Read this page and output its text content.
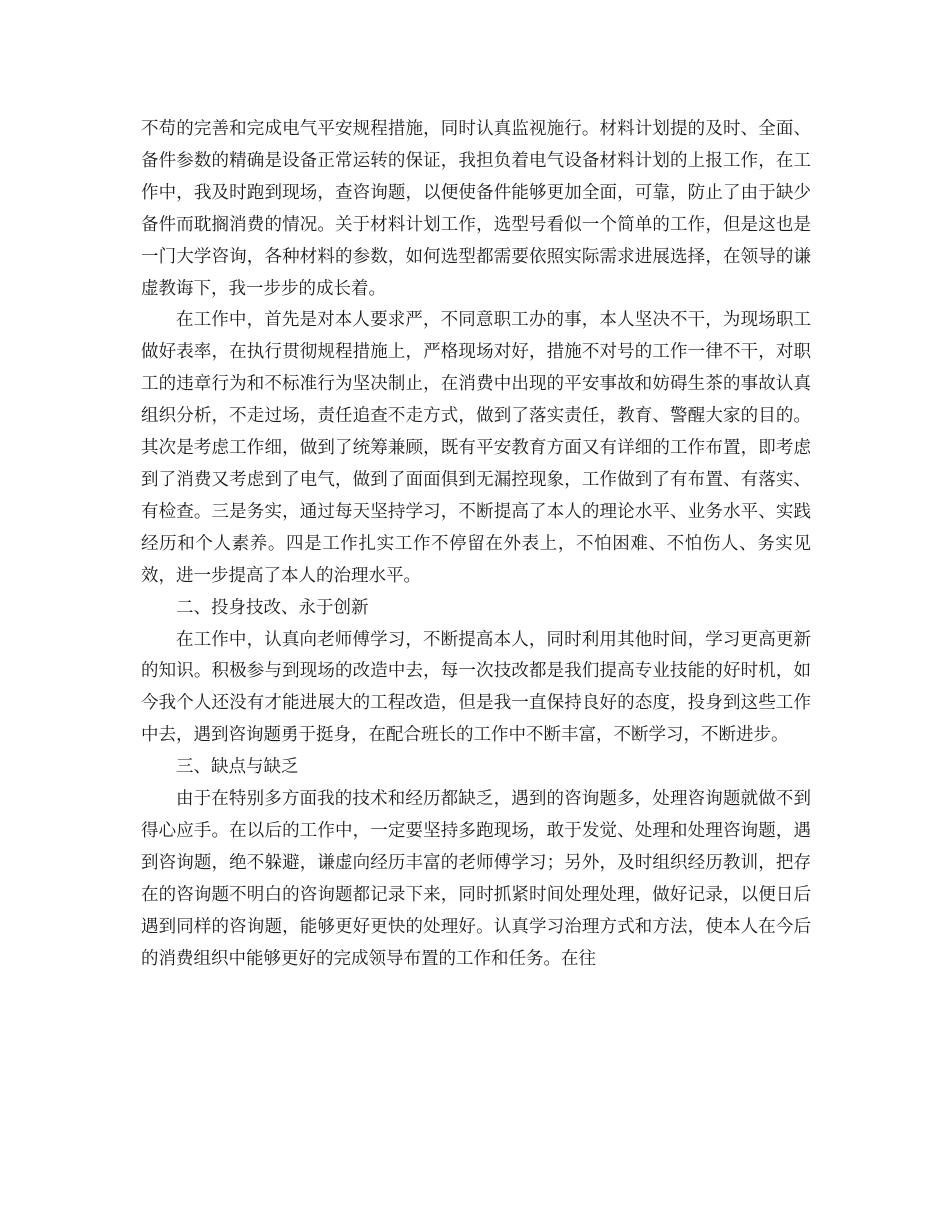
不苟的完善和完成电气平安规程措施，同时认真监视施行。材料计划提的及时、全面、备件参数的精确是设备正常运转的保证，我担负着电气设备材料计划的上报工作，在工作中，我及时跑到现场，查咨询题，以便使备件能够更加全面，可靠，防止了由于缺少备件而耽搁消费的情况。关于材料计划工作，选型号看似一个简单的工作，但是这也是一门大学咨询，各种材料的参数，如何选型都需要依照实际需求进展选择，在领导的谦虚教诲下，我一步步的成长着。

在工作中，首先是对本人要求严，不同意职工办的事，本人坚决不干，为现场职工做好表率，在执行贯彻规程措施上，严格现场对好，措施不对号的工作一律不干，对职工的违章行为和不标准行为坚决制止，在消费中出现的平安事故和妨碍生茶的事故认真组织分析，不走过场，责任追查不走方式，做到了落实责任，教育、警醒大家的目的。其次是考虑工作细，做到了统筹兼顾，既有平安教育方面又有详细的工作布置，即考虑到了消费又考虑到了电气，做到了面面俱到无漏控现象，工作做到了有布置、有落实、有检查。三是务实，通过每天坚持学习，不断提高了本人的理论水平、业务水平、实践经历和个人素养。四是工作扎实工作不停留在外表上，不怕困难、不怕伤人、务实见效，进一步提高了本人的治理水平。

二、投身技改、永于创新

在工作中，认真向老师傅学习，不断提高本人，同时利用其他时间，学习更高更新的知识。积极参与到现场的改造中去，每一次技改都是我们提高专业技能的好时机，如今我个人还没有才能进展大的工程改造，但是我一直保持良好的态度，投身到这些工作中去，遇到咨询题勇于挺身，在配合班长的工作中不断丰富，不断学习，不断进步。

三、缺点与缺乏

由于在特别多方面我的技术和经历都缺乏，遇到的咨询题多，处理咨询题就做不到得心应手。在以后的工作中，一定要坚持多跑现场，敢于发觉、处理和处理咨询题，遇到咨询题，绝不躲避，谦虚向经历丰富的老师傅学习；另外，及时组织经历教训，把存在的咨询题不明白的咨询题都记录下来，同时抓紧时间处理处理，做好记录，以便日后遇到同样的咨询题，能够更好更快的处理好。认真学习治理方式和方法，使本人在今后的消费组织中能够更好的完成领导布置的工作和任务。在往
